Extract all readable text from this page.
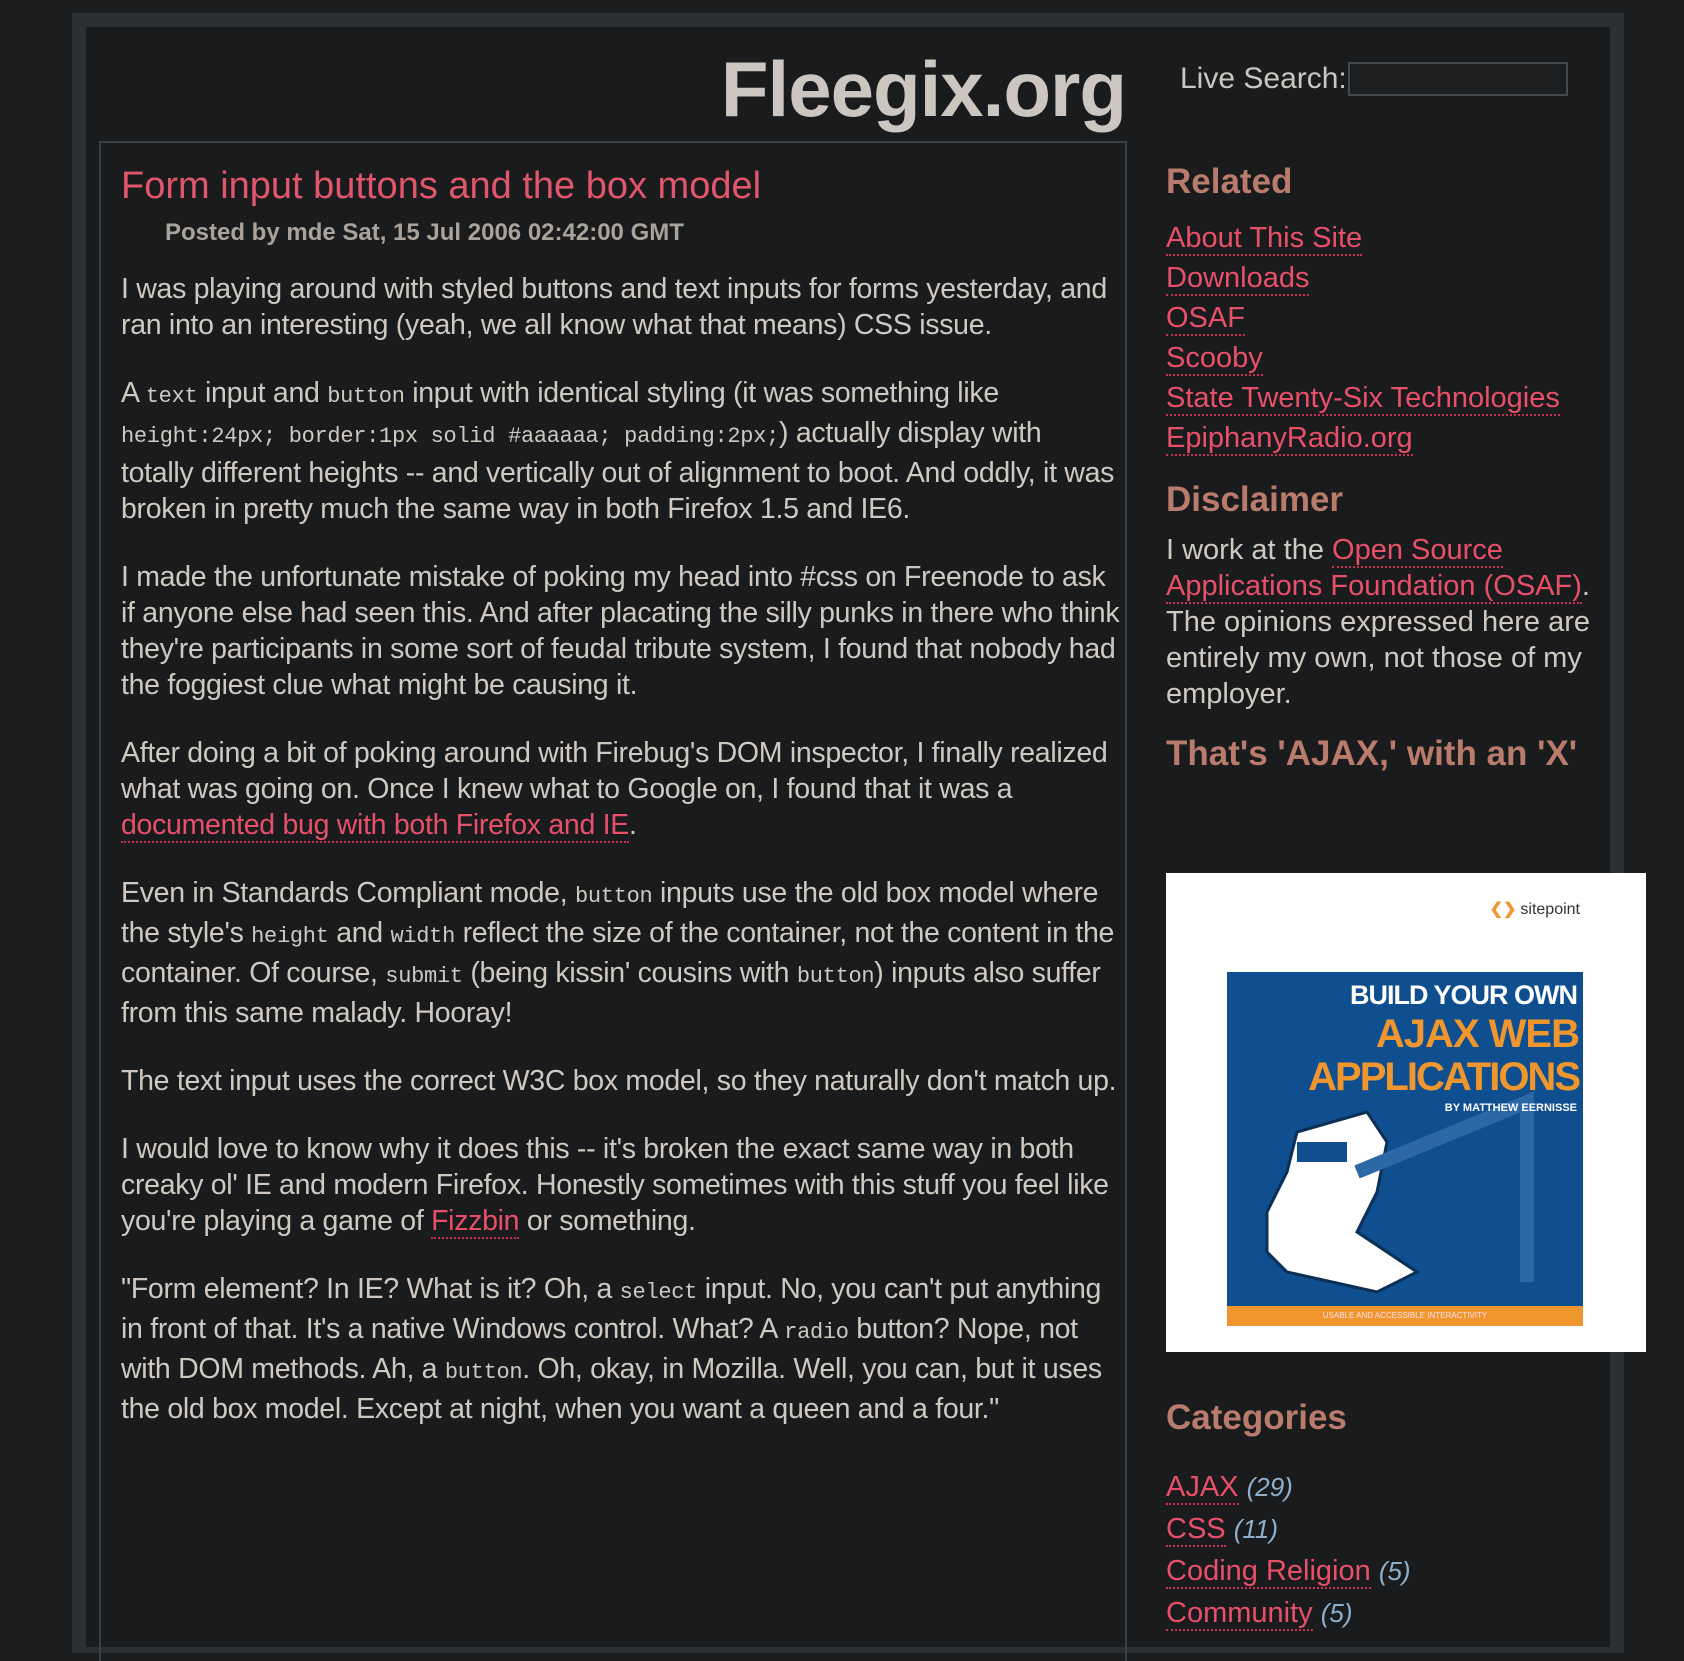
Fleegix.org Live Search:
Form input buttons and the box model
Posted by mde Sat, 15 Jul 2006 02:42:00 GMT

I was playing around with styled buttons and text inputs for forms yesterday, and ran into an interesting (yeah, we all know what that means) CSS issue.

A text input and button input with identical styling (it was something like height:24px; border:1px solid #aaaaaa; padding:2px;) actually display with totally different heights -- and vertically out of alignment to boot. And oddly, it was broken in pretty much the same way in both Firefox 1.5 and IE6.

I made the unfortunate mistake of poking my head into #css on Freenode to ask if anyone else had seen this. And after placating the silly punks in there who think they're participants in some sort of feudal tribute system, I found that nobody had the foggiest clue what might be causing it.

After doing a bit of poking around with Firebug's DOM inspector, I finally realized what was going on. Once I knew what to Google on, I found that it was a documented bug with both Firefox and IE.

Even in Standards Compliant mode, button inputs use the old box model where the style's height and width reflect the size of the container, not the content in the container. Of course, submit (being kissin' cousins with button) inputs also suffer from this same malady. Hooray!

The text input uses the correct W3C box model, so they naturally don't match up.

I would love to know why it does this -- it's broken the exact same way in both creaky ol' IE and modern Firefox. Honestly sometimes with this stuff you feel like you're playing a game of Fizzbin or something.

"Form element? In IE? What is it? Oh, a select input. No, you can't put anything in front of that. It's a native Windows control. What? A radio button? Nope, not with DOM methods. Ah, a button. Oh, okay, in Mozilla. Well, you can, but it uses the old box model. Except at night, when you want a queen and a four."

Related
About This Site
Downloads
OSAF
Scooby
State Twenty-Six Technologies
EpiphanyRadio.org
Disclaimer
I work at the Open Source Applications Foundation (OSAF). The opinions expressed here are entirely my own, not those of my employer.
That's 'AJAX,' with an 'X'
Categories
AJAX (29)
CSS (11)
Coding Religion (5)
Community (5)
❮❯ sitepoint
BUILD YOUR OWN
AJAX WEB
APPLICATIONS
BY MATTHEW EERNISSE
USABLE AND ACCESSIBLE INTERACTIVITY
